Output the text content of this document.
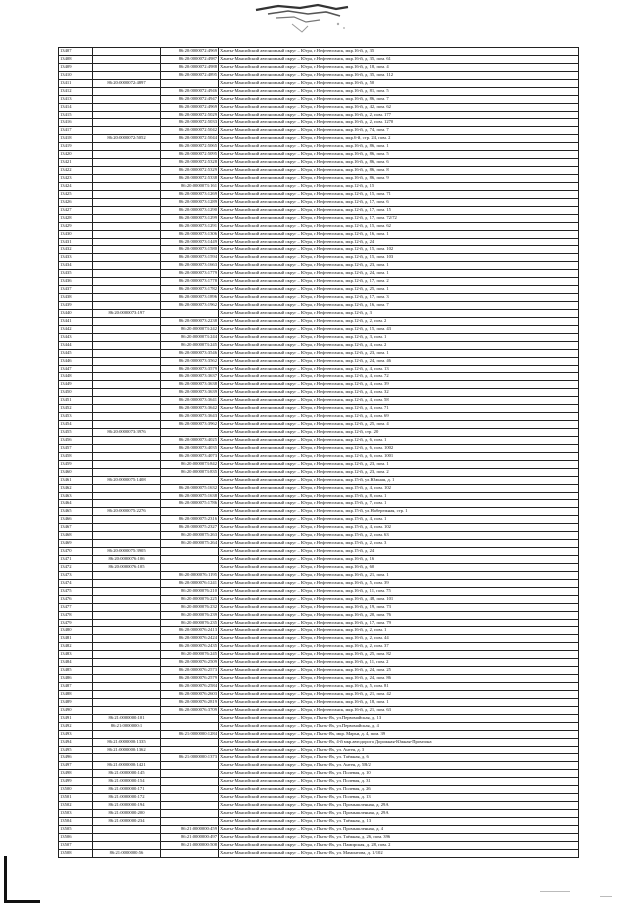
13407		86:20:0000072:4969	Ханты-Мансийский автономный округ – Югра, г.Нефтеюганск, мкр.16-й, д. 35
13408		86:20:0000072:4987	Ханты-Мансийский автономный округ – Югра, г.Нефтеюганск, мкр.16-й, д. 35, пом. 61
13409		86:20:0000072:4988	Ханты-Мансийский автономный округ – Югра, г.Нефтеюганск, мкр.16-й, д. 18, пом. 4
13410		86:20:0000072:4895	Ханты-Мансийский автономный округ – Югра, г.Нефтеюганск, мкр.16-й, д. 35, пом. 112
13411	86:20:0000072:4897		Ханты-Мансийский автономный округ – Югра, г.Нефтеюганск, мкр.16-й, д. 50
13412		86:20:0000072:4946	Ханты-Мансийский автономный округ – Югра, г.Нефтеюганск, мкр.16-й, д. 81, пом. 5
13413		86:20:0000072:4947	Ханты-Мансийский автономный округ – Югра, г.Нефтеюганск, мкр.16-й, д. 86, пом. 7
13414		86:20:0000072:4969	Ханты-Мансийский автономный округ – Югра, г.Нефтеюганск, мкр.16-й, д. 42, пом. 62
13415		86:20:0000072:5029	Ханты-Мансийский автономный округ – Югра, г.Нефтеюганск, мкр.16-й, д. 2, пом. 177
13416		86:20:0000072:5033	Ханты-Мансийский автономный округ – Югра, г.Нефтеюганск, мкр.16-й, д. 2, пом. 1270
13417		86:20:0000072:5042	Ханты-Мансийский автономный округ – Югра, г.Нефтеюганск, мкр.16-й, д. 74, пом. 7
13418	86:20:0000072:5052	86:20:0000072:5044	Ханты-Мансийский автономный округ – Югра, г.Нефтеюганск, мкр.6-й, стр. 24, пом. 2
13419		86:20:0000072:5065	Ханты-Мансийский автономный округ – Югра, г.Нефтеюганск, мкр.16-й, д. 86, пом. 1
13420		86:20:0000072:5095	Ханты-Мансийский автономный округ – Югра, г.Нефтеюганск, мкр.16-й, д. 86, пом. 5
13421		86:20:0000072:5328	Ханты-Мансийский автономный округ – Югра, г.Нефтеюганск, мкр.16-й, д. 86, пом. 6
13422		86:20:0000072:5329	Ханты-Мансийский автономный округ – Югра, г.Нефтеюганск, мкр.16-й, д. 86, пом. 8
13423		86:20:0000072:5338	Ханты-Мансийский автономный округ – Югра, г.Нефтеюганск, мкр.16-й, д. 86, пом. 9
13424		86:20:0000073:161	Ханты-Мансийский автономный округ – Югра, г.Нефтеюганск, мкр.12-й, д. 15
13425		86:20:0000073:1269	Ханты-Мансийский автономный округ – Югра, г.Нефтеюганск, мкр.12-й, д. 15, пом. 71
13426		86:20:0000073:1289	Ханты-Мансийский автономный округ – Югра, г.Нефтеюганск, мкр.12-й, д. 17, пом. 6
13427		86:20:0000073:1290	Ханты-Мансийский автономный округ – Югра, г.Нефтеюганск, мкр.12-й, д. 17, пом. 15
13428		86:20:0000073:1299	Ханты-Мансийский автономный округ – Югра, г.Нефтеюганск, мкр.12-й, д. 17, пом. 72/72
13429		86:20:0000073:1291	Ханты-Мансийский автономный округ – Югра, г.Нефтеюганск, мкр.12-й, д. 15, пом. 62
13430		86:20:0000073:1306	Ханты-Мансийский автономный округ – Югра, г.Нефтеюганск, мкр.12-й, д. 16, пом. 1
13431		86:20:0000073:1449	Ханты-Мансийский автономный округ – Югра, г.Нефтеюганск, мкр.12-й, д. 24
13432		86:20:0000073:1580	Ханты-Мансийский автономный округ – Югра, г.Нефтеюганск, мкр.12-й, д. 15, пом. 102
13433		86:20:0000073:1594	Ханты-Мансийский автономный округ – Югра, г.Нефтеюганск, мкр.12-й, д. 15, пом. 103
13434		86:20:0000073:1663	Ханты-Мансийский автономный округ – Югра, г.Нефтеюганск, мкр.12-й, д. 23, пом. 1
13435		86:20:0000073:1779	Ханты-Мансийский автономный округ – Югра, г.Нефтеюганск, мкр.12-й, д. 24, пом. 1
13436		86:20:0000073:1778	Ханты-Мансийский автономный округ – Югра, г.Нефтеюганск, мкр.12-й, д. 17, пом. 2
13437		86:20:0000073:1782	Ханты-Мансийский автономный округ – Югра, г.Нефтеюганск, мкр.12-й, д. 25, пом. 1
13438		86:20:0000073:1896	Ханты-Мансийский автономный округ – Югра, г.Нефтеюганск, мкр.12-й, д. 17, пом. 3
13439		86:20:0000073:1962	Ханты-Мансийский автономный округ – Югра, г.Нефтеюганск, мкр.12-й, д. 16, пом. 7
13440	86:20:0000073:197		Ханты-Мансийский автономный округ – Югра, г.Нефтеюганск, мкр.12-й, д. 3
13441		86:20:0000073:2238	Ханты-Мансийский автономный округ – Югра, г.Нефтеюганск, мкр.12-й, д. 2, пом. 2
13442		86:20:0000073:242	Ханты-Мансийский автономный округ – Югра, г.Нефтеюганск, мкр.12-й, д. 15, пом. 43
13443		86:20:0000073:244	Ханты-Мансийский автономный округ – Югра, г.Нефтеюганск, мкр.12-й, д. 3, пом. 1
13444		86:20:0000073:245	Ханты-Мансийский автономный округ – Югра, г.Нефтеюганск, мкр.12-й, д. 4, пом. 2
13445		86:20:0000073:3546	Ханты-Мансийский автономный округ – Югра, г.Нефтеюганск, мкр.12-й, д. 23, пом. 1
13446		86:20:0000073:3562	Ханты-Мансийский автономный округ – Югра, г.Нефтеюганск, мкр.12-й, д. 24, пом. 46
13447		86:20:0000073:3579	Ханты-Мансийский автономный округ – Югра, г.Нефтеюганск, мкр.12-й, д. 4, пом. 13
13448		86:20:0000073:3637	Ханты-Мансийский автономный округ – Югра, г.Нефтеюганск, мкр.12-й, д. 4, пом. 72
13449		86:20:0000073:3638	Ханты-Мансийский автономный округ – Югра, г.Нефтеюганск, мкр.12-й, д. 4, пом. 39
13450		86:20:0000073:3639	Ханты-Мансийский автономный округ – Югра, г.Нефтеюганск, мкр.12-й, д. 4, пом. 32
13451		86:20:0000073:3641	Ханты-Мансийский автономный округ – Югра, г.Нефтеюганск, мкр.12-й, д. 4, пом. 58
13452		86:20:0000073:3642	Ханты-Мансийский автономный округ – Югра, г.Нефтеюганск, мкр.12-й, д. 4, пом. 71
13453		86:20:0000073:3643	Ханты-Мансийский автономный округ – Югра, г.Нефтеюганск, мкр.12-й, д. 4, пом. 69
13454		86:20:0000073:3962	Ханты-Мансийский автономный округ – Югра, г.Нефтеюганск, мкр.12-й, д. 25, пом. 4
13455	86:20:0000073:3976		Ханты-Мансийский автономный округ – Югра, г.Нефтеюганск, мкр.12-й, стр. 20
13456		86:20:0000073:4025	Ханты-Мансийский автономный округ – Югра, г.Нефтеюганск, мкр.12-й, д. 6, пом. 1
13457		86:20:0000073:4035	Ханты-Мансийский автономный округ – Югра, г.Нефтеюганск, мкр.12-й, д. 6, пом. 1002
13458		86:20:0000073:4073	Ханты-Мансийский автономный округ – Югра, г.Нефтеюганск, мкр.12-й, д. 6, пом. 1001
13459		86:20:0000073:842	Ханты-Мансийский автономный округ – Югра, г.Нефтеюганск, мкр.12-й, д. 23, пом. 1
13460		86:20:0000073:835	Ханты-Мансийский автономный округ – Югра, г.Нефтеюганск, мкр.12-й, д. 23, пом. 2
13461	86:20:0000075:1408		Ханты-Мансийский автономный округ – Югра, г.Нефтеюганск, мкр.15-й, ул.Южная, д. 1
13462		86:20:0000075:1632	Ханты-Мансийский автономный округ – Югра, г.Нефтеюганск, мкр.15-й, д. 4, пом. 102
13463		86:20:0000075:1638	Ханты-Мансийский автономный округ – Югра, г.Нефтеюганск, мкр.15-й, д. 8, пом. 1
13464		86:20:0000075:1786	Ханты-Мансийский автономный округ – Югра, г.Нефтеюганск, мкр.15-й, д. 7, пом. 1
13465	86:20:0000075:2276		Ханты-Мансийский автономный округ – Югра, г.Нефтеюганск, мкр.15-й, ул.Набережная, стр. 1
13466		86:20:0000075:2316	Ханты-Мансийский автономный округ – Югра, г.Нефтеюганск, мкр.15-й, д. 4, пом. 1
13467		86:20:0000075:2327	Ханты-Мансийский автономный округ – Югра, г.Нефтеюганск, мкр.15-й, д. 4, пом. 102
13468		86:20:0000075:263	Ханты-Мансийский автономный округ – Югра, г.Нефтеюганск, мкр.15-й, д. 2, пом. 63
13469		86:20:0000075:264	Ханты-Мансийский автономный округ – Югра, г.Нефтеюганск, мкр.15-й, д. 2, пом. 3
13470	86:20:0000075:3905		Ханты-Мансийский автономный округ – Югра, г.Нефтеюганск, мкр.15-й, д. 24
13471	86:20:0000076:106		Ханты-Мансийский автономный округ – Югра, г.Нефтеюганск, мкр.16-й, д. 16
13472	86:20:0000076:105		Ханты-Мансийский автономный округ – Югра, г.Нефтеюганск, мкр.16-й, д. 60
13473		86:20:0000076:1195	Ханты-Мансийский автономный округ – Югра, г.Нефтеюганск, мкр.16-й, д. 21, пом. 1
13474		86:20:0000076:1241	Ханты-Мансийский автономный округ – Югра, г.Нефтеюганск, мкр.16-й, д. 5, пом. 39
13475		86:20:0000076:210	Ханты-Мансийский автономный округ – Югра, г.Нефтеюганск, мкр.16-й, д. 11, пом. 75
13476		86:20:0000076:225	Ханты-Мансийский автономный округ – Югра, г.Нефтеюганск, мкр.16-й, д. 48, пом. 101
13477		86:20:0000076:232	Ханты-Мансийский автономный округ – Югра, г.Нефтеюганск, мкр.16-й, д. 19, пом. 73
13478		86:20:0000076:239	Ханты-Мансийский автономный округ – Югра, г.Нефтеюганск, мкр.16-й, д. 20, пом. 76
13479		86:20:0000076:235	Ханты-Мансийский автономный округ – Югра, г.Нефтеюганск, мкр.16-й, д. 17, пом. 79
13480		86:20:0000076:2413	Ханты-Мансийский автономный округ – Югра, г.Нефтеюганск, мкр.16-й, д. 2, пом. 1
13481		86:20:0000076:2424	Ханты-Мансийский автономный округ – Югра, г.Нефтеюганск, мкр.16-й, д. 2, пом. 44
13482		86:20:0000076:2435	Ханты-Мансийский автономный округ – Югра, г.Нефтеюганск, мкр.16-й, д. 2, пом. 37
13483		86:20:0000076:245	Ханты-Мансийский автономный округ – Югра, г.Нефтеюганск, мкр.16-й, д. 25, пом. 82
13484		86:20:0000076:2509	Ханты-Мансийский автономный округ – Югра, г.Нефтеюганск, мкр.16-й, д. 11, пом. 2
13485		86:20:0000076:2573	Ханты-Мансийский автономный округ – Югра, г.Нефтеюганск, мкр.16-й, д. 24, пом. 25
13486		86:20:0000076:2579	Ханты-Мансийский автономный округ – Югра, г.Нефтеюганск, мкр.16-й, д. 24, пом. 86
13487		86:20:0000076:2584	Ханты-Мансийский автономный округ – Югра, г.Нефтеюганск, мкр.16-й, д. 5, пом. 81
13488		86:20:0000076:2603	Ханты-Мансийский автономный округ – Югра, г.Нефтеюганск, мкр.16-й, д. 21, пом. 42
13489		86:20:0000076:2819	Ханты-Мансийский автономный округ – Югра, г.Нефтеюганск, мкр.16-й, д. 18, пом. 1
13490		86:20:0000076:3709	Ханты-Мансийский автономный округ – Югра, г.Нефтеюганск, мкр.16-й, д. 21, пом. 63
13491	86:21:0000000:101		Ханты-Мансийский автономный округ – Югра, г.Пыть-Ях, ул.Первомайская, д. 13
13492	86:21:0000000:1		Ханты-Мансийский автономный округ – Югра, г.Пыть-Ях, ул.Первомайская, д. 4
13493		86:21:0000000:1284	Ханты-Мансийский автономный округ – Югра, г.Пыть-Ях, мкр. Марьи, д. 4, пом. 39
13494	86:21:0000000:1335		Ханты-Мансийский автономный округ – Югра, г.Пыть-Ях, 4-й мкр.автодорога Дорожная-Южная-Промзона
13495	86:21:0000000:1362		Ханты-Мансийский автономный округ – Югра, г.Пыть-Ях, ул. Антея, д. 3
13496		86:21:0000000:1373	Ханты-Мансийский автономный округ – Югра, г.Пыть-Ях, ул. Таёжная, д. 6
13497	86:21:0000000:1421		Ханты-Мансийский автономный округ – Югра, г.Пыть-Ях, ул. Антея, д. 5В/2
13498	86:21:0000000:145		Ханты-Мансийский автономный округ – Югра, г.Пыть-Ях, ул. Полевая, д. 10
13499	86:21:0000000:154		Ханты-Мансийский автономный округ – Югра, г.Пыть-Ях, ул. Полевая, д. 31
13500	86:21:0000000:171		Ханты-Мансийский автономный округ – Югра, г.Пыть-Ях, ул. Полевая, д. 26
13501	86:21:0000000:172		Ханты-Мансийский автономный округ – Югра, г.Пыть-Ях, ул. Полевая, д. 13
13502	86:21:0000000:194		Ханты-Мансийский автономный округ – Югра, г.Пыть-Ях, ул. Промышленная, д. 29А
13503	86:21:0000000:200		Ханты-Мансийский автономный округ – Югра, г.Пыть-Ях, ул. Промышленная, д. 29А
13504	86:21:0000000:234		Ханты-Мансийский автономный округ – Югра, г.Пыть-Ях, ул. Таёжная, д. 13
13505		86:21:0000000:459	Ханты-Мансийский автономный округ – Югра, г.Пыть-Ях, ул. Промышленная, д. 4
13506		86:21:0000000:497	Ханты-Мансийский автономный округ – Югра, г.Пыть-Ях, ул. Таёжная, д. 26, пом. 396
13507		86:21:0000000:508	Ханты-Мансийский автономный округ – Югра, г.Пыть-Ях, ул. Памирская, д. 28, пом. 2
13508	86:21:0000000:56		Ханты-Мансийский автономный округ – Югра, г.Пыть-Ях, ул. Мамонтова, д. 1/102
